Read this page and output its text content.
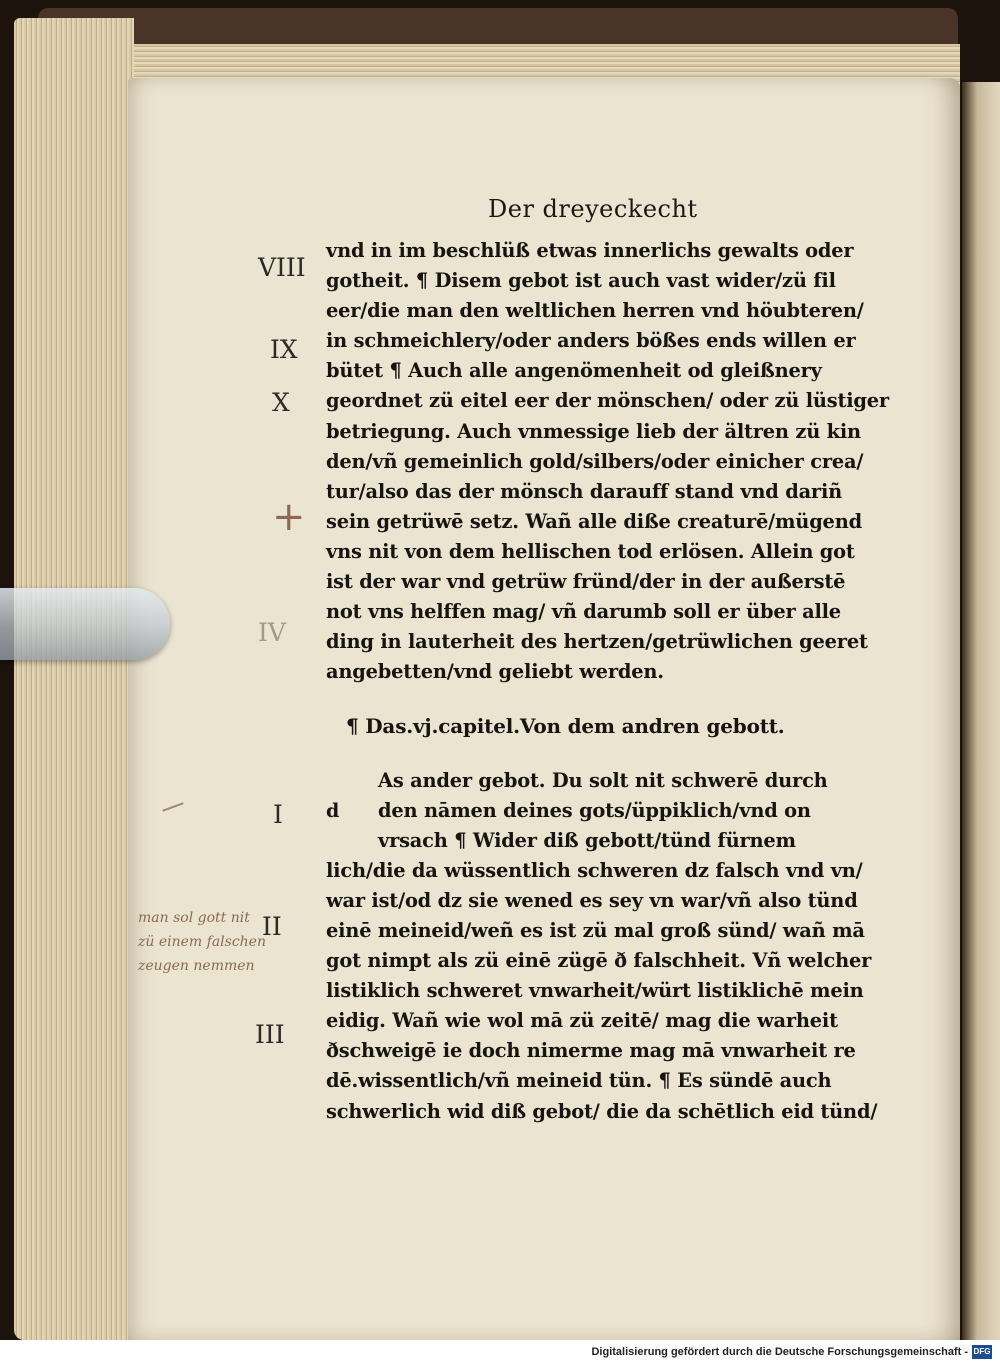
Der dreyeckecht
vnd in im beschlüß etwas innerlichs gewalts oder
gotheit. ¶ Disem gebot ist auch vast wider/zü fil
eer/die man den weltlichen herren vnd höubteren/
in schmeichlery/oder anders bößes ends willen er
bütet ¶ Auch alle angenömenheit od gleißnery
geordnet zü eitel eer der mönschen/ oder zü lüstiger
betriegung. Auch vnmessige lieb der ältren zü kin
den/vñ gemeinlich gold/silbers/oder einicher crea/
tur/also das der mönsch darauff stand vnd dariñ
sein getrüwē setz. Wañ alle diße creaturē/mügend
vns nit von dem hellischen tod erlösen. Allein got
ist der war vnd getrüw fründ/der in der außerstē
not vns helffen mag/ vñ darumb soll er über alle
ding in lauterheit des hertzen/getrüwlichen geeret
angebetten/vnd geliebt werden.
¶ Das.vj.capitel.Von dem andren gebott.
As ander gebot. Du solt nit schwerē durch
d den nāmen deines gots/üppiklich/vnd on
vrsach ¶ Wider diß gebott/tünd fürnem
lich/die da wüssentlich schweren dz falsch vnd vn/
war ist/od dz sie wened es sey vn war/vñ also tünd
einē meineid/weñ es ist zü mal groß sünd/ wañ mā
got nimpt als zü einē zügē ð falschheit. Vñ welcher
listiklich schweret vnwarheit/würt listiklichē mein
eidig. Wañ wie wol mā zü zeitē/ mag die warheit
ðschweigē ie doch nimerme mag mā vnwarheit re
dē.wissentlich/vñ meineid tün. ¶ Es sündē auch
schwerlich wid diß gebot/ die da schētlich eid tünd/
VIII
IX
X
IV
I
II
III
man sol gott nit
zü einem falschen
zeugen nemmen
+
Digitalisierung gefördert durch die Deutsche Forschungsgemeinschaft - DFG
